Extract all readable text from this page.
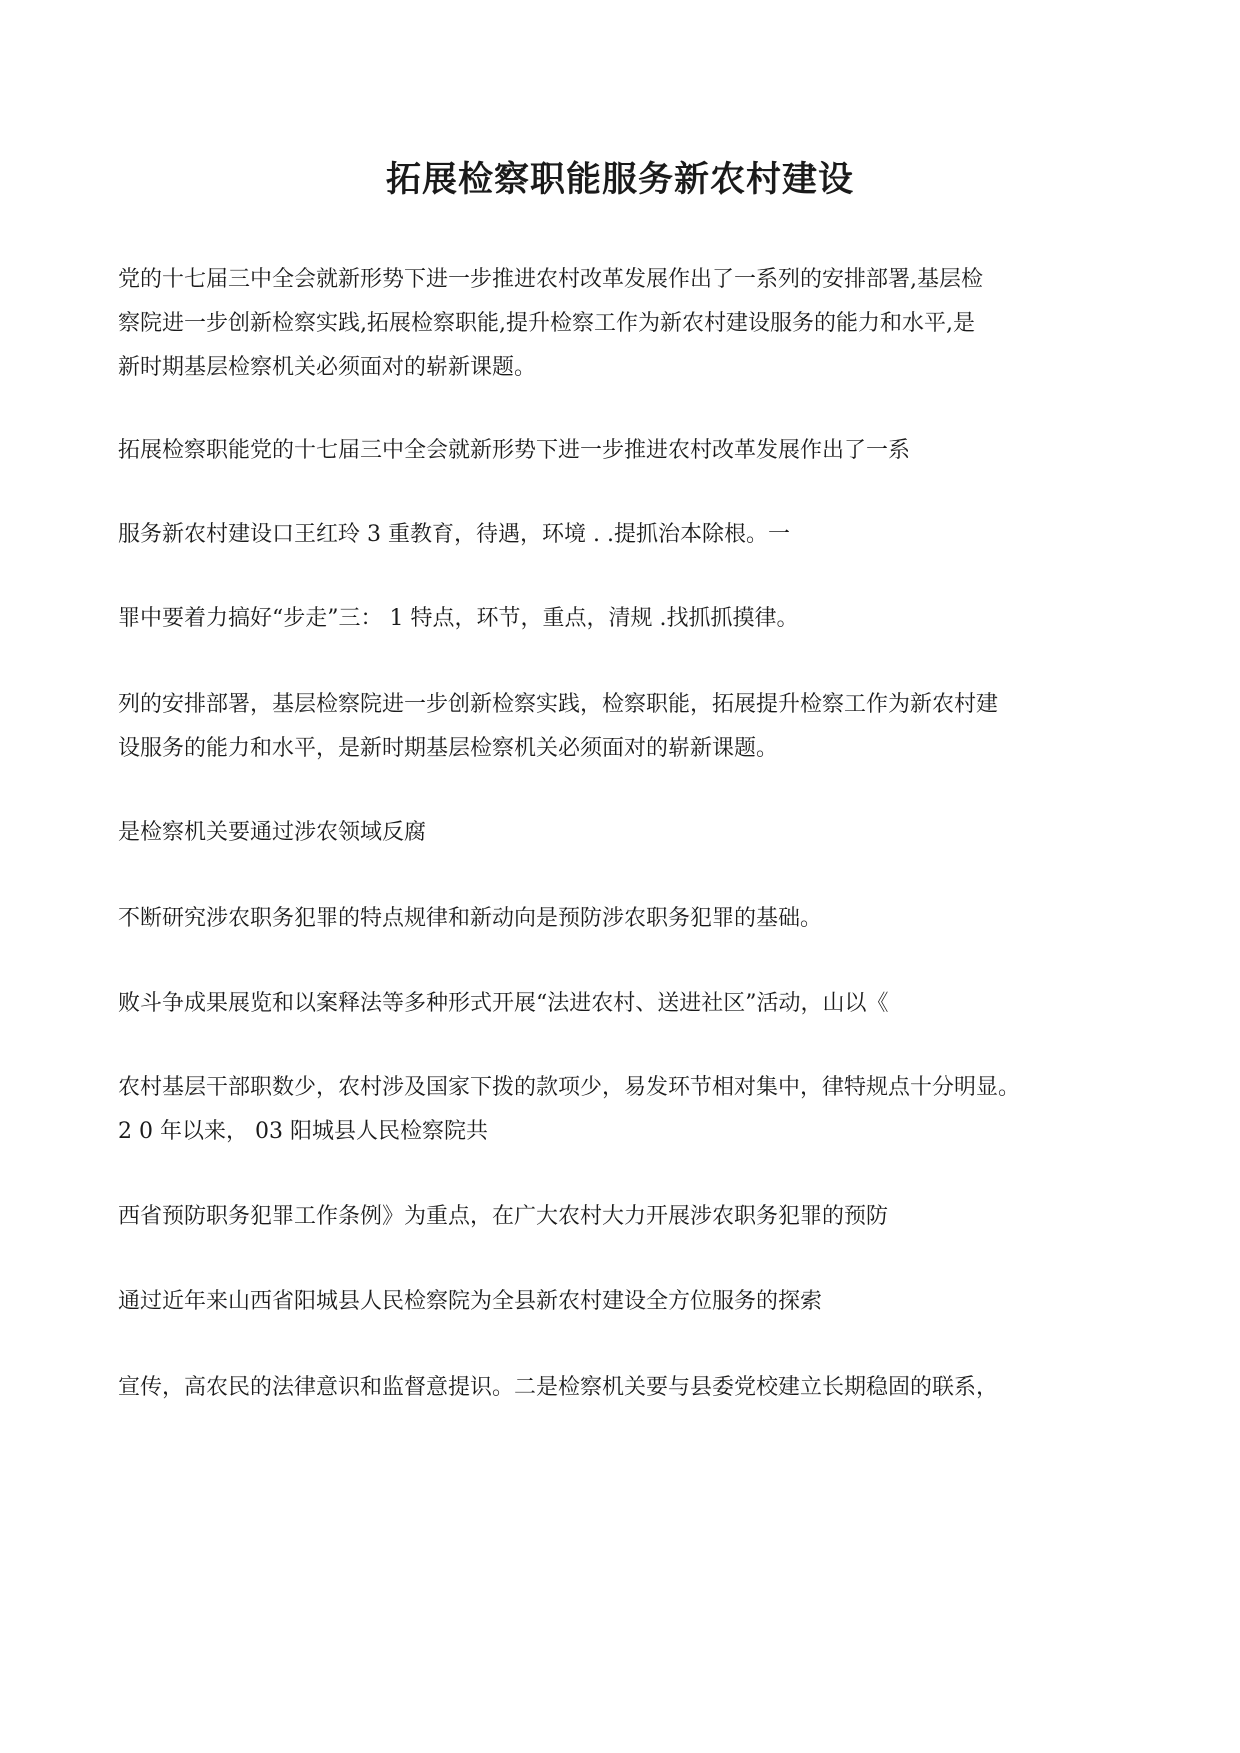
拓展检察职能服务新农村建设

党的十七届三中全会就新形势下进一步推进农村改革发展作出了一系列的安排部署,基层检
察院进一步创新检察实践,拓展检察职能,提升检察工作为新农村建设服务的能力和水平,是
新时期基层检察机关必须面对的崭新课题。

拓展检察职能党的十七届三中全会就新形势下进一步推进农村改革发展作出了一系

服务新农村建设口王红玲 3 重教育，待遇，环境 . .提抓治本除根。一

罪中要着力搞好“步走”三： 1 特点，环节，重点，清规 .找抓抓摸律。

列的安排部署，基层检察院进一步创新检察实践，检察职能，拓展提升检察工作为新农村建
设服务的能力和水平，是新时期基层检察机关必须面对的崭新课题。

是检察机关要通过涉农领域反腐

不断研究涉农职务犯罪的特点规律和新动向是预防涉农职务犯罪的基础。

败斗争成果展览和以案释法等多种形式开展“法进农村、送进社区”活动，山以《

农村基层干部职数少，农村涉及国家下拨的款项少，易发环节相对集中，律特规点十分明显。
2 0 年以来， 03 阳城县人民检察院共

西省预防职务犯罪工作条例》为重点，在广大农村大力开展涉农职务犯罪的预防

通过近年来山西省阳城县人民检察院为全县新农村建设全方位服务的探索

宣传，高农民的法律意识和监督意提识。二是检察机关要与县委党校建立长期稳固的联系，
